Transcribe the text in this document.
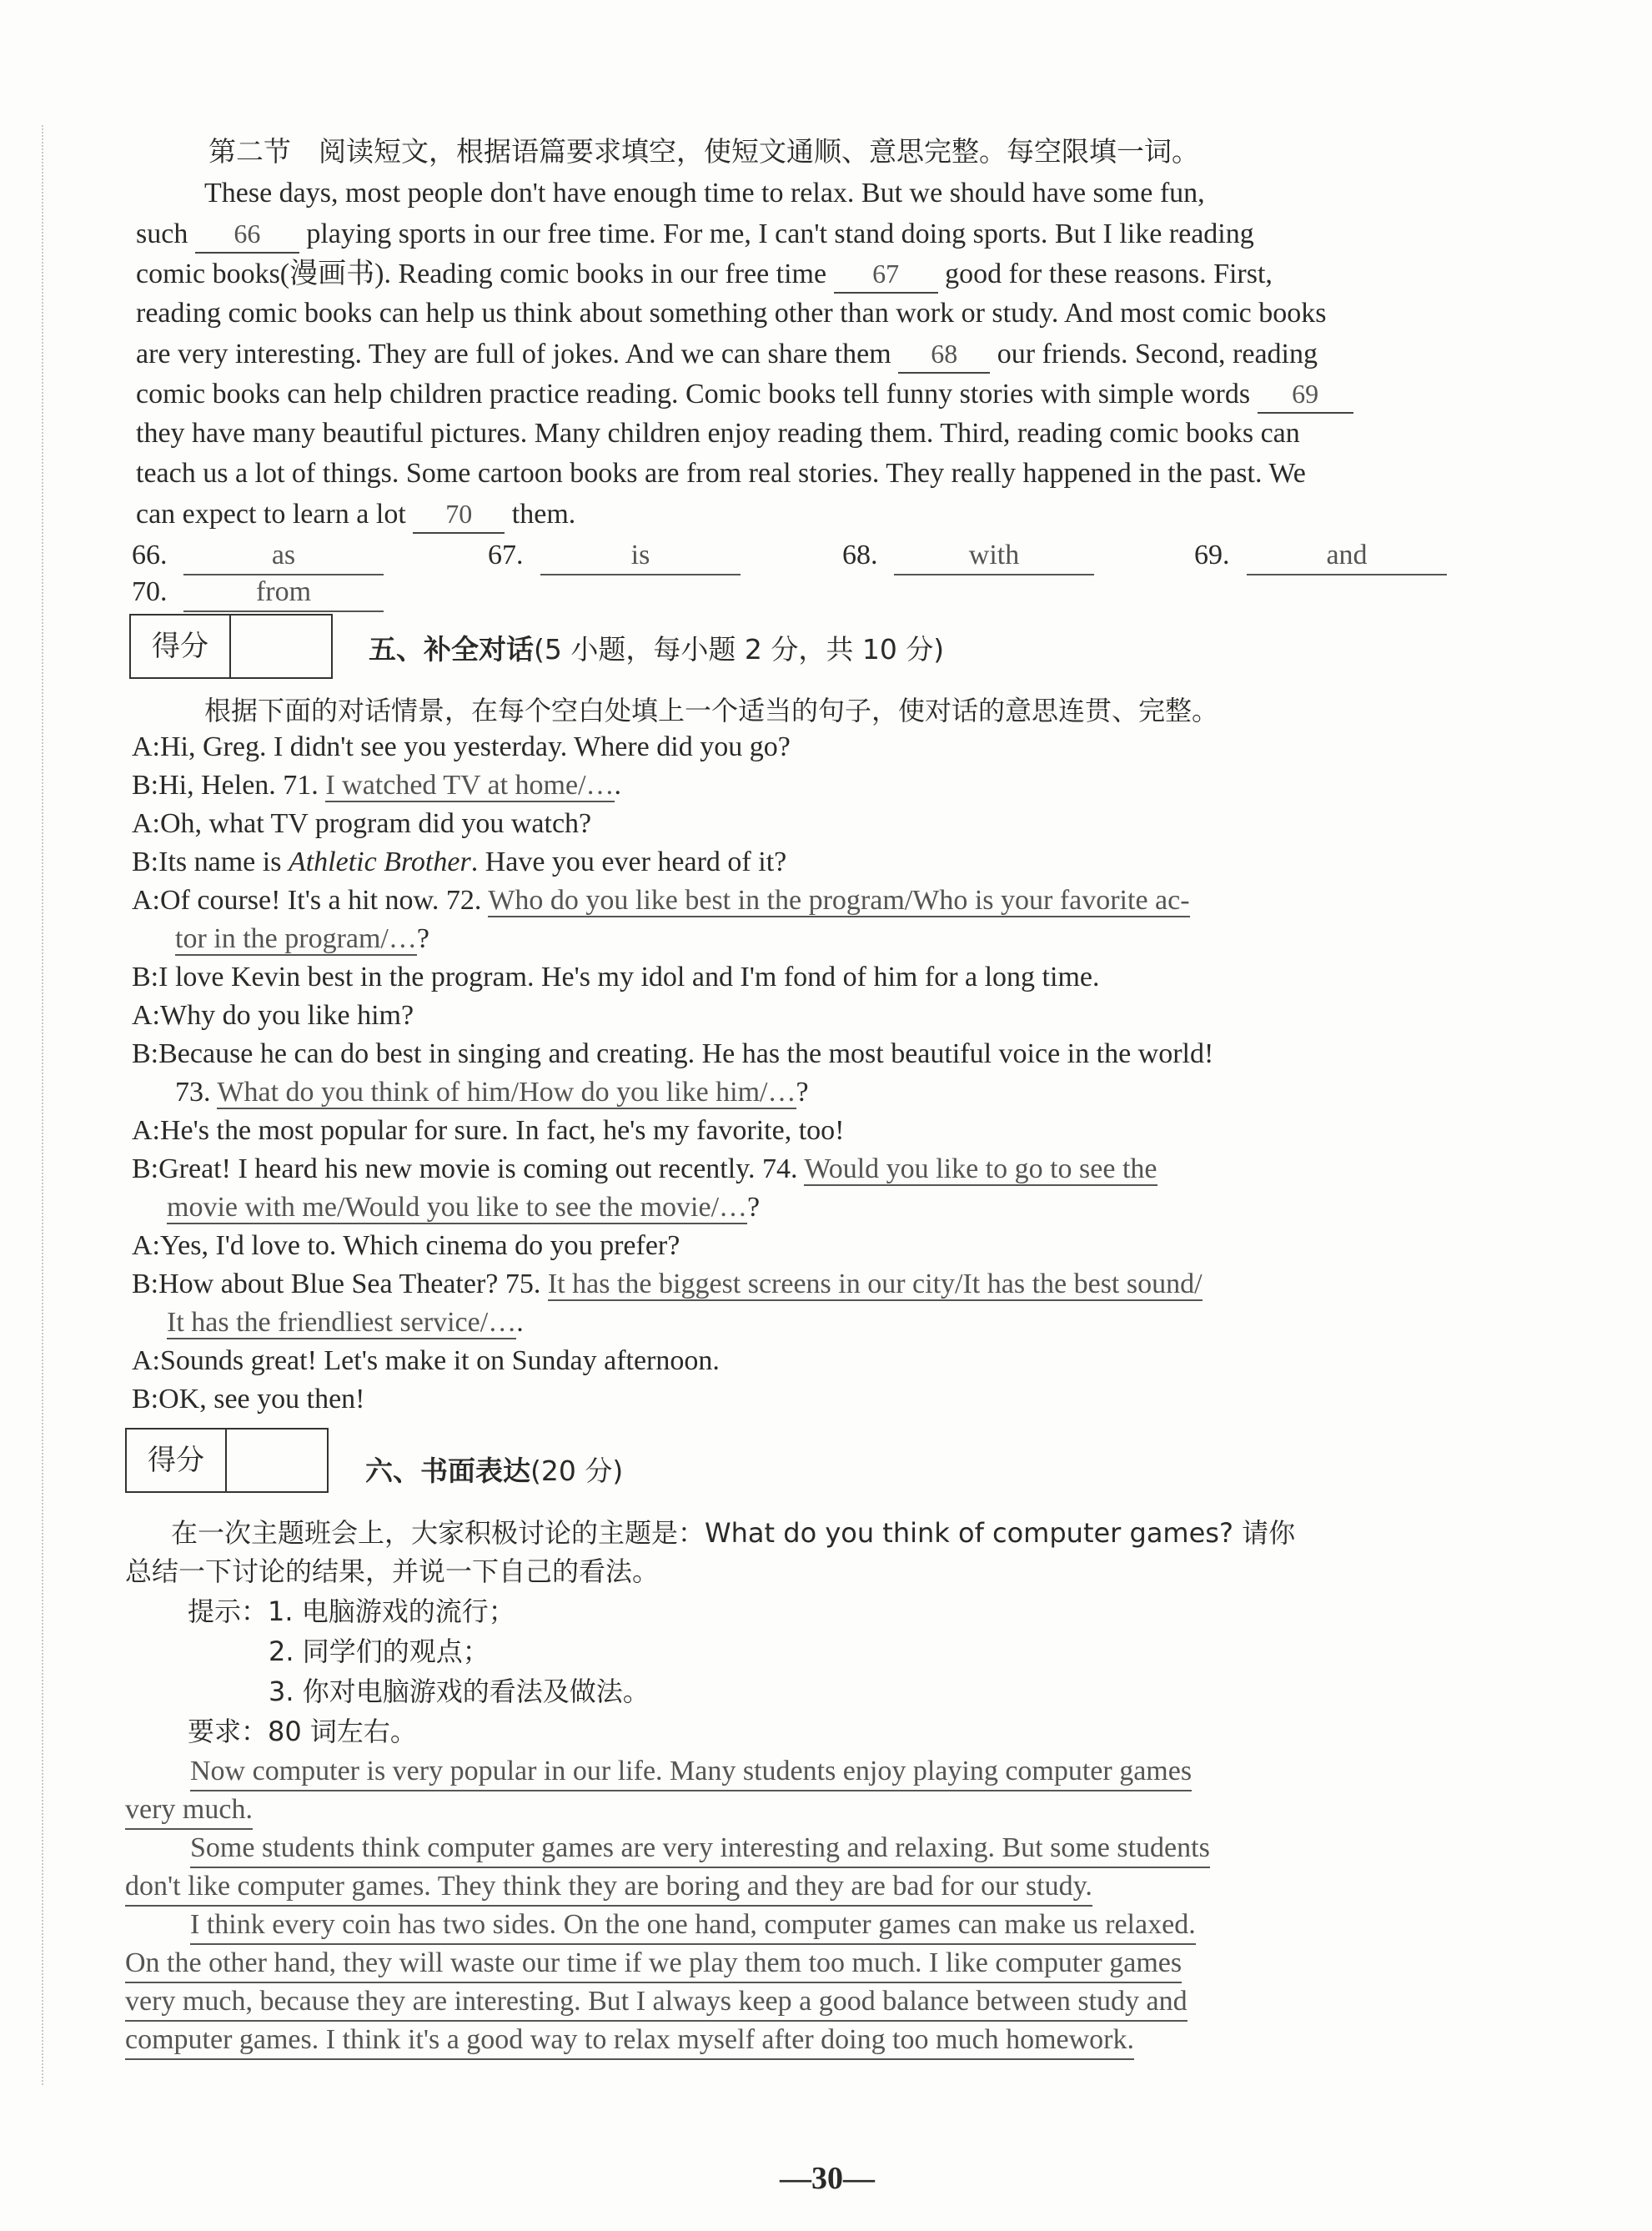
第二节　阅读短文，根据语篇要求填空，使短文通顺、意思完整。每空限填一词。
These days, most people don't have enough time to relax. But we should have some fun,
such 66 playing sports in our free time. For me, I can't stand doing sports. But I like reading
comic books(漫画书). Reading comic books in our free time 67 good for these reasons. First,
reading comic books can help us think about something other than work or study. And most comic books
are very interesting. They are full of jokes. And we can share them 68 our friends. Second, reading
comic books can help children practice reading. Comic books tell funny stories with simple words 69
they have many beautiful pictures. Many children enjoy reading them. Third, reading comic books can
teach us a lot of things. Some cartoon books are from real stories. They really happened in the past. We
can expect to learn a lot 70 them.
66.	as	67.	is	68.	with	69.	and
70.	from
得分	五、补全对话(5 小题，每小题 2 分，共 10 分)
根据下面的对话情景，在每个空白处填上一个适当的句子，使对话的意思连贯、完整。
A:Hi, Greg. I didn't see you yesterday. Where did you go?
B:Hi, Helen. 71. I watched TV at home/….
A:Oh, what TV program did you watch?
B:Its name is Athletic Brother. Have you ever heard of it?
A:Of course! It's a hit now. 72. Who do you like best in the program/Who is your favorite ac-
tor in the program/…?
B:I love Kevin best in the program. He's my idol and I'm fond of him for a long time.
A:Why do you like him?
B:Because he can do best in singing and creating. He has the most beautiful voice in the world!
73. What do you think of him/How do you like him/…?
A:He's the most popular for sure. In fact, he's my favorite, too!
B:Great! I heard his new movie is coming out recently. 74. Would you like to go to see the
movie with me/Would you like to see the movie/…?
A:Yes, I'd love to. Which cinema do you prefer?
B:How about Blue Sea Theater? 75. It has the biggest screens in our city/It has the best sound/
It has the friendliest service/….
A:Sounds great! Let's make it on Sunday afternoon.
B:OK, see you then!
得分	六、书面表达(20 分)
在一次主题班会上，大家积极讨论的主题是：What do you think of computer games? 请你
总结一下讨论的结果，并说一下自己的看法。
提示：1. 电脑游戏的流行；
2. 同学们的观点；
3. 你对电脑游戏的看法及做法。
要求：80 词左右。
Now computer is very popular in our life. Many students enjoy playing computer games
very much.
Some students think computer games are very interesting and relaxing. But some students
don't like computer games. They think they are boring and they are bad for our study.
I think every coin has two sides. On the one hand, computer games can make us relaxed.
On the other hand, they will waste our time if we play them too much. I like computer games
very much, because they are interesting. But I always keep a good balance between study and
computer games. I think it's a good way to relax myself after doing too much homework.
—30—
